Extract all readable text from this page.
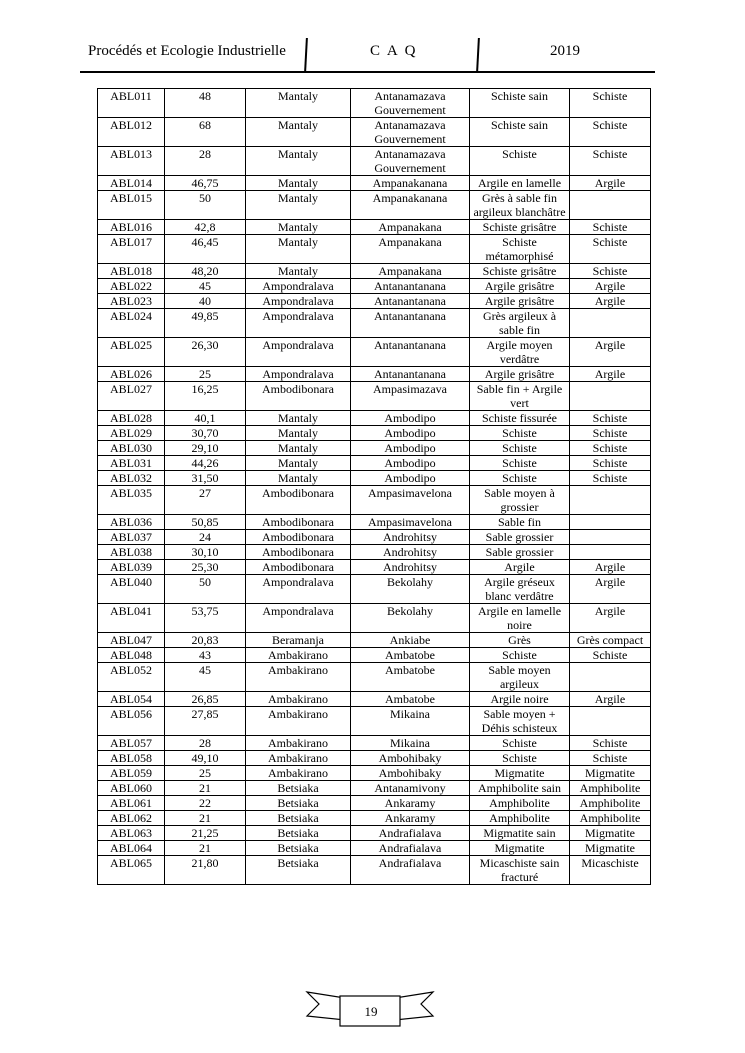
Procédés et Ecologie Industrielle	C A Q	2019
ABL011	48	Mantaly	Antanamazava Gouvernement	Schiste sain	Schiste
ABL012	68	Mantaly	Antanamazava Gouvernement	Schiste sain	Schiste
ABL013	28	Mantaly	Antanamazava Gouvernement	Schiste	Schiste
ABL014	46,75	Mantaly	Ampanakanana	Argile en lamelle	Argile
ABL015	50	Mantaly	Ampanakanana	Grès à sable fin argileux blanchâtre	
ABL016	42,8	Mantaly	Ampanakana	Schiste grisâtre	Schiste
ABL017	46,45	Mantaly	Ampanakana	Schiste métamorphisé	Schiste
ABL018	48,20	Mantaly	Ampanakana	Schiste grisâtre	Schiste
ABL022	45	Ampondralava	Antanantanana	Argile grisâtre	Argile
ABL023	40	Ampondralava	Antanantanana	Argile grisâtre	Argile
ABL024	49,85	Ampondralava	Antanantanana	Grès argileux à sable fin	
ABL025	26,30	Ampondralava	Antanantanana	Argile moyen verdâtre	Argile
ABL026	25	Ampondralava	Antanantanana	Argile grisâtre	Argile
ABL027	16,25	Ambodibonara	Ampasimazava	Sable fin + Argile vert	
ABL028	40,1	Mantaly	Ambodipo	Schiste fissurée	Schiste
ABL029	30,70	Mantaly	Ambodipo	Schiste	Schiste
ABL030	29,10	Mantaly	Ambodipo	Schiste	Schiste
ABL031	44,26	Mantaly	Ambodipo	Schiste	Schiste
ABL032	31,50	Mantaly	Ambodipo	Schiste	Schiste
ABL035	27	Ambodibonara	Ampasimavelona	Sable moyen à grossier	
ABL036	50,85	Ambodibonara	Ampasimavelona	Sable fin	
ABL037	24	Ambodibonara	Androhitsy	Sable grossier	
ABL038	30,10	Ambodibonara	Androhitsy	Sable grossier	
ABL039	25,30	Ambodibonara	Androhitsy	Argile	Argile
ABL040	50	Ampondralava	Bekolahy	Argile gréseux blanc verdâtre	Argile
ABL041	53,75	Ampondralava	Bekolahy	Argile en lamelle noire	Argile
ABL047	20,83	Beramanja	Ankiabe	Grès	Grès compact
ABL048	43	Ambakirano	Ambatobe	Schiste	Schiste
ABL052	45	Ambakirano	Ambatobe	Sable moyen argileux	
ABL054	26,85	Ambakirano	Ambatobe	Argile noire	Argile
ABL056	27,85	Ambakirano	Mikaina	Sable moyen + Déhis schisteux	
ABL057	28	Ambakirano	Mikaina	Schiste	Schiste
ABL058	49,10	Ambakirano	Ambohibaky	Schiste	Schiste
ABL059	25	Ambakirano	Ambohibaky	Migmatite	Migmatite
ABL060	21	Betsiaka	Antanamivony	Amphibolite sain	Amphibolite
ABL061	22	Betsiaka	Ankaramy	Amphibolite	Amphibolite
ABL062	21	Betsiaka	Ankaramy	Amphibolite	Amphibolite
ABL063	21,25	Betsiaka	Andrafialava	Migmatite sain	Migmatite
ABL064	21	Betsiaka	Andrafialava	Migmatite	Migmatite
ABL065	21,80	Betsiaka	Andrafialava	Micaschiste sain fracturé	Micaschiste
19
